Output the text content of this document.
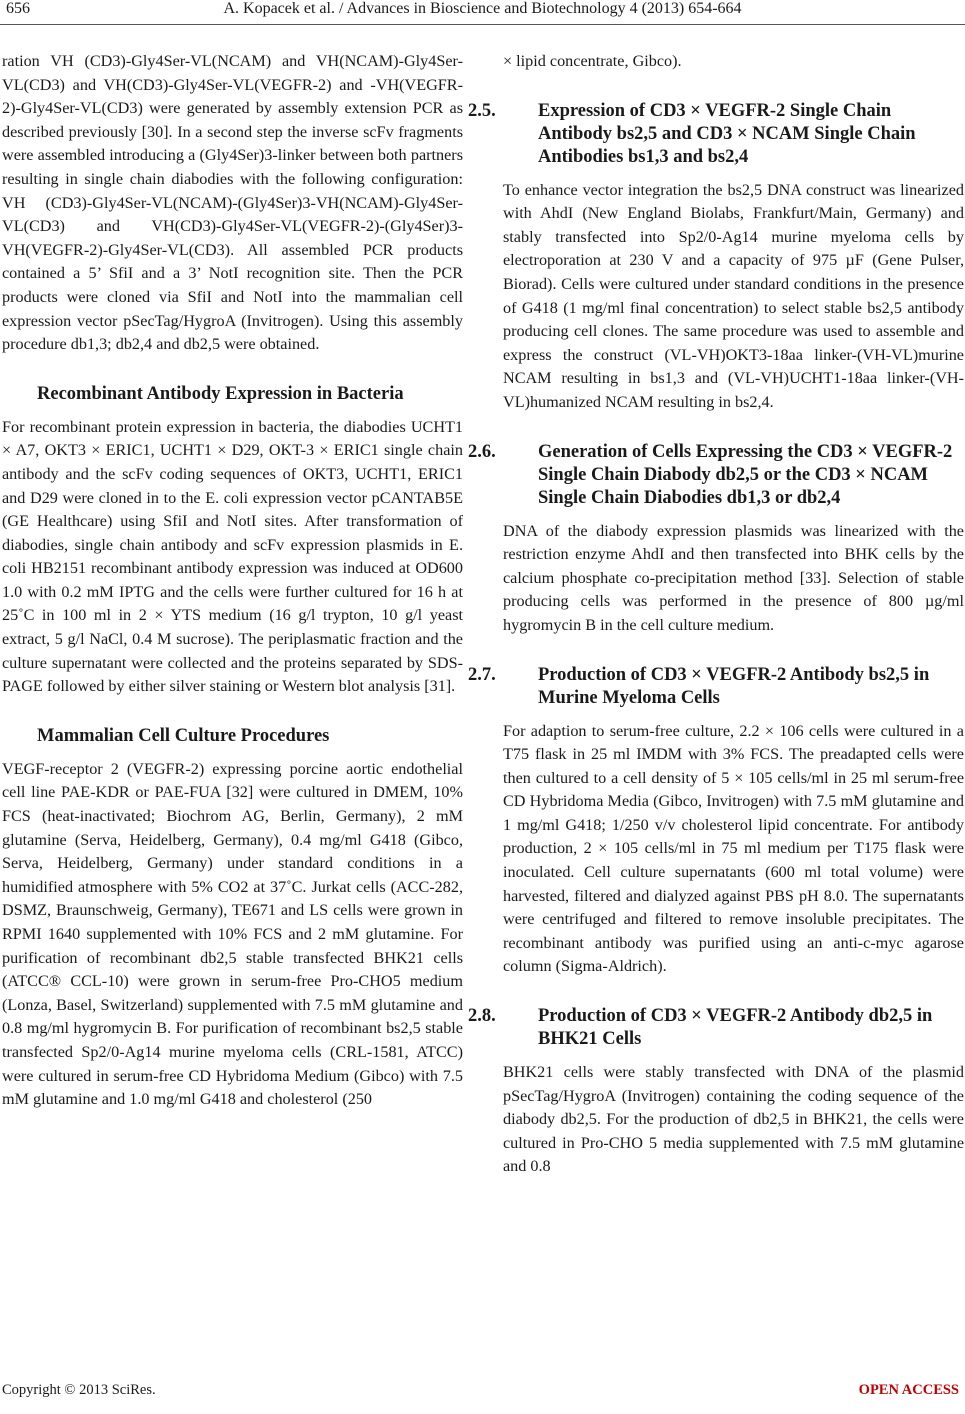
656	A. Kopacek et al. / Advances in Bioscience and Biotechnology 4 (2013) 654-664

ration VH (CD3)-Gly4Ser-VL(NCAM) and VH(NCAM)-Gly4Ser-VL(CD3) and VH(CD3)-Gly4Ser-VL(VEGFR-2) and -VH(VEGFR-2)-Gly4Ser-VL(CD3) were generated by assembly extension PCR as described previously [30]. In a second step the inverse scFv fragments were assembled introducing a (Gly4Ser)3-linker between both partners resulting in single chain diabodies with the following configuration: VH (CD3)-Gly4Ser-VL(NCAM)-(Gly4Ser)3-VH(NCAM)-Gly4Ser-VL(CD3) and VH(CD3)-Gly4Ser-VL(VEGFR-2)-(Gly4Ser)3-VH(VEGFR-2)-Gly4Ser-VL(CD3). All assembled PCR products contained a 5’ SfiI and a 3’ NotI recognition site. Then the PCR products were cloned via SfiI and NotI into the mammalian cell expression vector pSecTag/HygroA (Invitrogen). Using this assembly procedure db1,3; db2,4 and db2,5 were obtained.

Recombinant Antibody Expression in Bacteria

For recombinant protein expression in bacteria, the diabodies UCHT1 × A7, OKT3 × ERIC1, UCHT1 × D29, OKT-3 × ERIC1 single chain antibody and the scFv coding sequences of OKT3, UCHT1, ERIC1 and D29 were cloned in to the E. coli expression vector pCANTAB5E (GE Healthcare) using SfiI and NotI sites. After transformation of diabodies, single chain antibody and scFv expression plasmids in E. coli HB2151 recombinant antibody expression was induced at OD600 1.0 with 0.2 mM IPTG and the cells were further cultured for 16 h at 25˚C in 100 ml in 2 × YTS medium (16 g/l trypton, 10 g/l yeast extract, 5 g/l NaCl, 0.4 M sucrose). The periplasmatic fraction and the culture supernatant were collected and the proteins separated by SDS-PAGE followed by either silver staining or Western blot analysis [31].

Mammalian Cell Culture Procedures

VEGF-receptor 2 (VEGFR-2) expressing porcine aortic endothelial cell line PAE-KDR or PAE-FUA [32] were cultured in DMEM, 10% FCS (heat-inactivated; Biochrom AG, Berlin, Germany), 2 mM glutamine (Serva, Heidelberg, Germany), 0.4 mg/ml G418 (Gibco, Serva, Heidelberg, Germany) under standard conditions in a humidified atmosphere with 5% CO2 at 37˚C. Jurkat cells (ACC-282, DSMZ, Braunschweig, Germany), TE671 and LS cells were grown in RPMI 1640 supplemented with 10% FCS and 2 mM glutamine. For purification of recombinant db2,5 stable transfected BHK21 cells (ATCC® CCL-10) were grown in serum-free Pro-CHO5 medium (Lonza, Basel, Switzerland) supplemented with 7.5 mM glutamine and 0.8 mg/ml hygromycin B. For purification of recombinant bs2,5 stable transfected Sp2/0-Ag14 murine myeloma cells (CRL-1581, ATCC) were cultured in serum-free CD Hybridoma Medium (Gibco) with 7.5 mM glutamine and 1.0 mg/ml G418 and cholesterol (250

× lipid concentrate, Gibco).

2.5. Expression of CD3 × VEGFR-2 Single Chain Antibody bs2,5 and CD3 × NCAM Single Chain Antibodies bs1,3 and bs2,4

To enhance vector integration the bs2,5 DNA construct was linearized with AhdI (New England Biolabs, Frankfurt/Main, Germany) and stably transfected into Sp2/0-Ag14 murine myeloma cells by electroporation at 230 V and a capacity of 975 µF (Gene Pulser, Biorad). Cells were cultured under standard conditions in the presence of G418 (1 mg/ml final concentration) to select stable bs2,5 antibody producing cell clones. The same procedure was used to assemble and express the construct (VL-VH)OKT3-18aa linker-(VH-VL)murine NCAM resulting in bs1,3 and (VL-VH)UCHT1-18aa linker-(VH-VL)humanized NCAM resulting in bs2,4.

2.6. Generation of Cells Expressing the CD3 × VEGFR-2 Single Chain Diabody db2,5 or the CD3 × NCAM Single Chain Diabodies db1,3 or db2,4

DNA of the diabody expression plasmids was linearized with the restriction enzyme AhdI and then transfected into BHK cells by the calcium phosphate co-precipitation method [33]. Selection of stable producing cells was performed in the presence of 800 µg/ml hygromycin B in the cell culture medium.

2.7. Production of CD3 × VEGFR-2 Antibody bs2,5 in Murine Myeloma Cells

For adaption to serum-free culture, 2.2 × 106 cells were cultured in a T75 flask in 25 ml IMDM with 3% FCS. The preadapted cells were then cultured to a cell density of 5 × 105 cells/ml in 25 ml serum-free CD Hybridoma Media (Gibco, Invitrogen) with 7.5 mM glutamine and 1 mg/ml G418; 1/250 v/v cholesterol lipid concentrate. For antibody production, 2 × 105 cells/ml in 75 ml medium per T175 flask were inoculated. Cell culture supernatants (600 ml total volume) were harvested, filtered and dialyzed against PBS pH 8.0. The supernatants were centrifuged and filtered to remove insoluble precipitates. The recombinant antibody was purified using an anti-c-myc agarose column (Sigma-Aldrich).

2.8. Production of CD3 × VEGFR-2 Antibody db2,5 in BHK21 Cells

BHK21 cells were stably transfected with DNA of the plasmid pSecTag/HygroA (Invitrogen) containing the coding sequence of the diabody db2,5. For the production of db2,5 in BHK21, the cells were cultured in Pro-CHO 5 media supplemented with 7.5 mM glutamine and 0.8

Copyright © 2013 SciRes.	OPEN ACCESS
